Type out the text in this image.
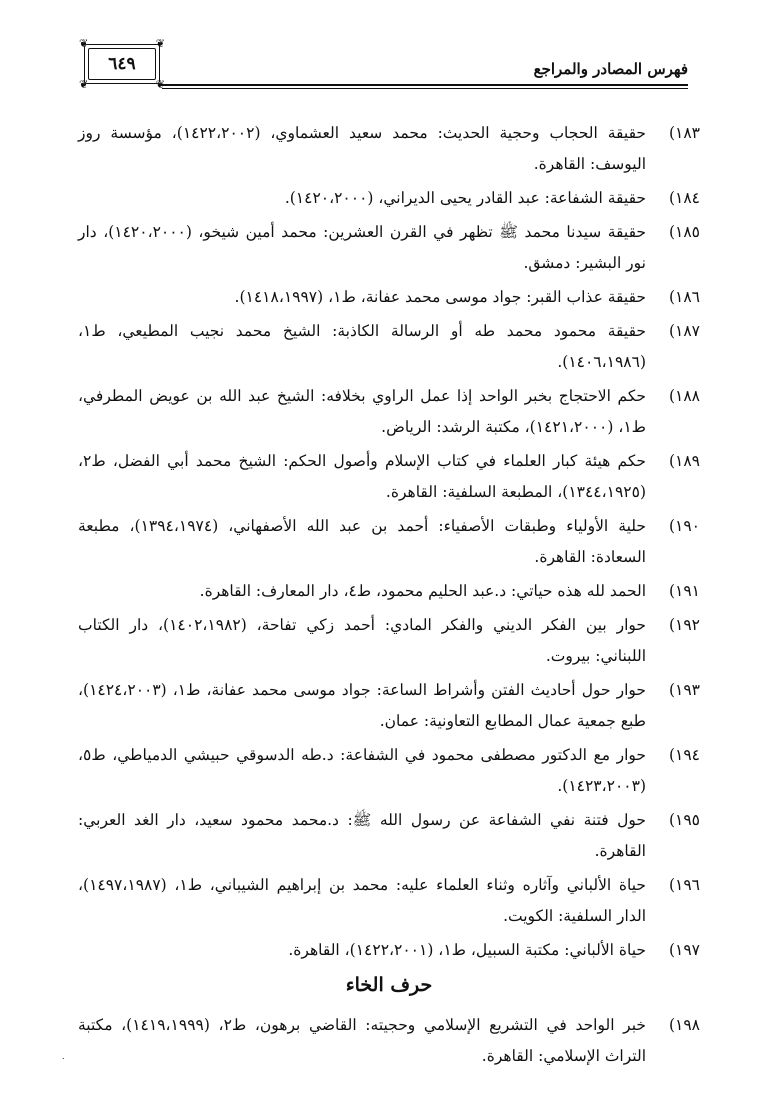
فهرس المصادر والمراجع
❦	❦
❦	❦
٦٤٩
١٨٣)
حقيقة الحجاب وحجية الحديث: محمد سعيد العشماوي، (١٤٢٢،٢٠٠٢)، مؤسسة روز اليوسف: القاهرة.
١٨٤)
حقيقة الشفاعة: عبد القادر يحيى الديراني، (١٤٢٠،٢٠٠٠).
١٨٥)
حقيقة سيدنا محمد ﷺ تظهر في القرن العشرين: محمد أمين شيخو، (١٤٢٠،٢٠٠٠)، دار نور البشير: دمشق.
١٨٦)
حقيقة عذاب القبر: جواد موسى محمد عفانة، ط١، (١٤١٨،١٩٩٧).
١٨٧)
حقيقة محمود محمد طه أو الرسالة الكاذبة: الشيخ محمد نجيب المطيعي، ط١، (١٤٠٦،١٩٨٦).
١٨٨)
حكم الاحتجاج بخبر الواحد إذا عمل الراوي بخلافه: الشيخ عبد الله بن عويض المطرفي، ط١، (١٤٢١،٢٠٠٠)، مكتبة الرشد: الرياض.
١٨٩)
حكم هيئة كبار العلماء في كتاب الإسلام وأصول الحكم: الشيخ محمد أبي الفضل، ط٢، (١٣٤٤،١٩٢٥)، المطبعة السلفية: القاهرة.
١٩٠)
حلية الأولياء وطبقات الأصفياء: أحمد بن عبد الله الأصفهاني، (١٣٩٤،١٩٧٤)، مطبعة السعادة: القاهرة.
١٩١)
الحمد لله هذه حياتي: د.عبد الحليم محمود، ط٤، دار المعارف: القاهرة.
١٩٢)
حوار بين الفكر الديني والفكر المادي: أحمد زكي تفاحة، (١٤٠٢،١٩٨٢)، دار الكتاب اللبناني: بيروت.
١٩٣)
حوار حول أحاديث الفتن وأشراط الساعة: جواد موسى محمد عفانة، ط١، (١٤٢٤،٢٠٠٣)، طبع جمعية عمال المطابع التعاونية: عمان.
١٩٤)
حوار مع الدكتور مصطفى محمود في الشفاعة: د.طه الدسوقي حبيشي الدمياطي، ط٥، (١٤٢٣،٢٠٠٣).
١٩٥)
حول فتنة نفي الشفاعة عن رسول الله ﷺ: د.محمد محمود سعيد، دار الغد العربي: القاهرة.
١٩٦)
حياة الألباني وآثاره وثناء العلماء عليه: محمد بن إبراهيم الشيباني، ط١، (١٤٩٧،١٩٨٧)، الدار السلفية: الكويت.
١٩٧)
حياة الألباني: مكتبة السبيل، ط١، (١٤٢٢،٢٠٠١)، القاهرة.
حرف الخاء
١٩٨)
خبر الواحد في التشريع الإسلامي وحجيته: القاضي برهون، ط٢، (١٤١٩،١٩٩٩)، مكتبة التراث الإسلامي: القاهرة.
.
